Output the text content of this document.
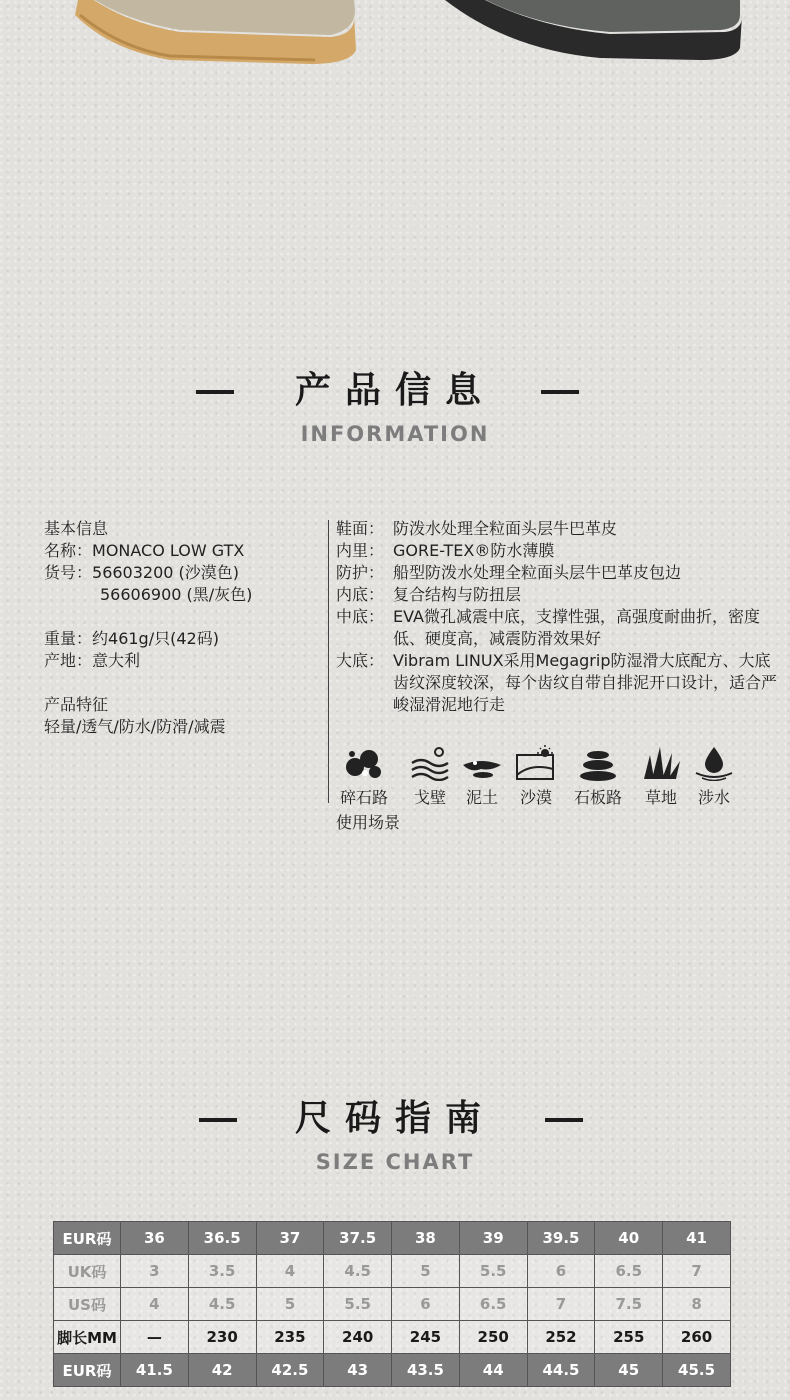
产品信息
INFORMATION
基本信息
名称：MONACO LOW GTX
货号：56603200 (沙漠色)
56606900 (黑/灰色)
重量：约461g/只(42码)
产地：意大利
产品特征
轻量/透气/防水/防滑/减震
鞋面： 防泼水处理全粒面头层牛巴革皮
内里： GORE-TEX®防水薄膜
防护： 船型防泼水处理全粒面头层牛巴革皮包边
内底： 复合结构与防扭层
中底： EVA微孔减震中底，支撑性强，高强度耐曲折，密度低、硬度高，减震防滑效果好
大底： Vibram LINUX采用Megagrip防湿滑大底配方、大底齿纹深度较深，每个齿纹自带自排泥开口设计，适合严峻湿滑泥地行走
碎石路	戈壁	泥土	沙漠	石板路	草地	涉水
使用场景
尺码指南
SIZE CHART
EUR码	36	36.5	37	37.5	38	39	39.5	40	41
UK码	3	3.5	4	4.5	5	5.5	6	6.5	7
US码	4	4.5	5	5.5	6	6.5	7	7.5	8
脚长MM	—	230	235	240	245	250	252	255	260
EUR码	41.5	42	42.5	43	43.5	44	44.5	45	45.5
